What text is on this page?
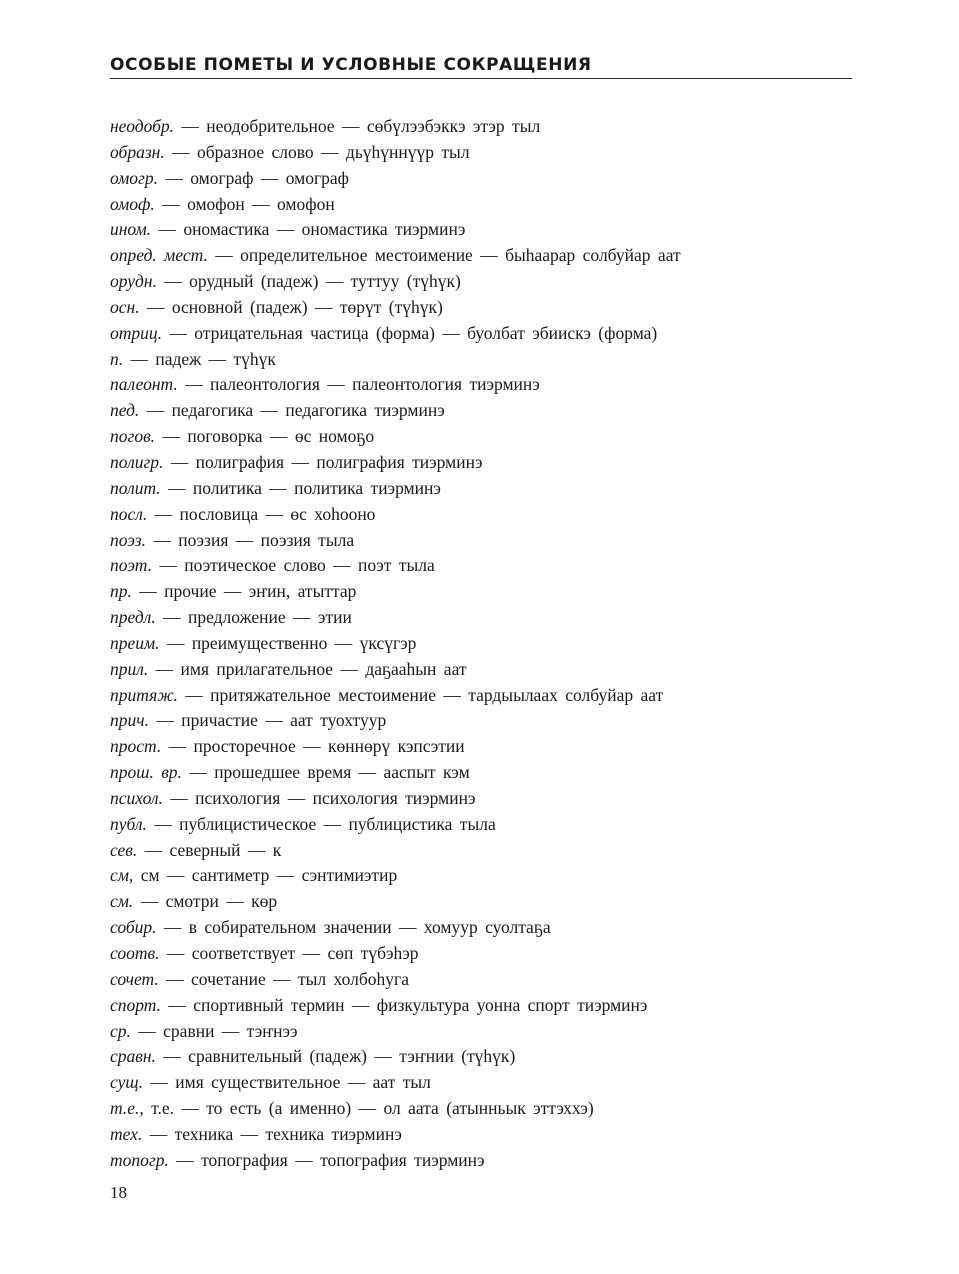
ОСОБЫЕ ПОМЕТЫ И УСЛОВНЫЕ СОКРАЩЕНИЯ
неодобр. — неодобрительное — сөбүлээбэккэ этэр тыл
образн. — образное слово — дьүһүннүүр тыл
омогр. — омограф — омограф
омоф. — омофон — омофон
ином. — ономастика — ономастика тиэрминэ
опред. мест. — определительное местоимение — быһаарар солбуйар аат
орудн. — орудный (падеж) — туттуу (түһүк)
осн. — основной (падеж) — төрүт (түһүк)
отриц. — отрицательная частица (форма) — буолбат эбиискэ (форма)
п. — падеж — түһүк
палеонт. — палеонтология — палеонтология тиэрминэ
пед. — педагогика — педагогика тиэрминэ
погов. — поговорка — өс номоҕо
полигр. — полиграфия — полиграфия тиэрминэ
полит. — политика — политика тиэрминэ
посл. — пословица — өс хоһооно
поэз. — поэзия — поэзия тыла
поэт. — поэтическое слово — поэт тыла
пр. — прочие — эҥин, атыттар
предл. — предложение — этии
преим. — преимущественно — үксүгэр
прил. — имя прилагательное — даҕааһын аат
притяж. — притяжательное местоимение — тардыылаах солбуйар аат
прич. — причастие — аат туохтуур
прост. — просторечное — көннөрү кэпсэтии
прош. вр. — прошедшее время — ааспыт кэм
психол. — психология — психология тиэрминэ
публ. — публицистическое — публицистика тыла
сев. — северный — к
см, см — сантиметр — сэнтимиэтир
см. — смотри — көр
собир. — в собирательном значении — хомуур суолтаҕа
соотв. — соответствует — сөп түбэһэр
сочет. — сочетание — тыл холбоһуга
спорт. — спортивный термин — физкультура уонна спорт тиэрминэ
ср. — сравни — тэҥнээ
сравн. — сравнительный (падеж) — тэҥнии (түһүк)
сущ. — имя существительное — аат тыл
т.е., т.е. — то есть (а именно) — ол аата (атынньык эттэххэ)
тех. — техника — техника тиэрминэ
топогр. — топография — топография тиэрминэ
18
